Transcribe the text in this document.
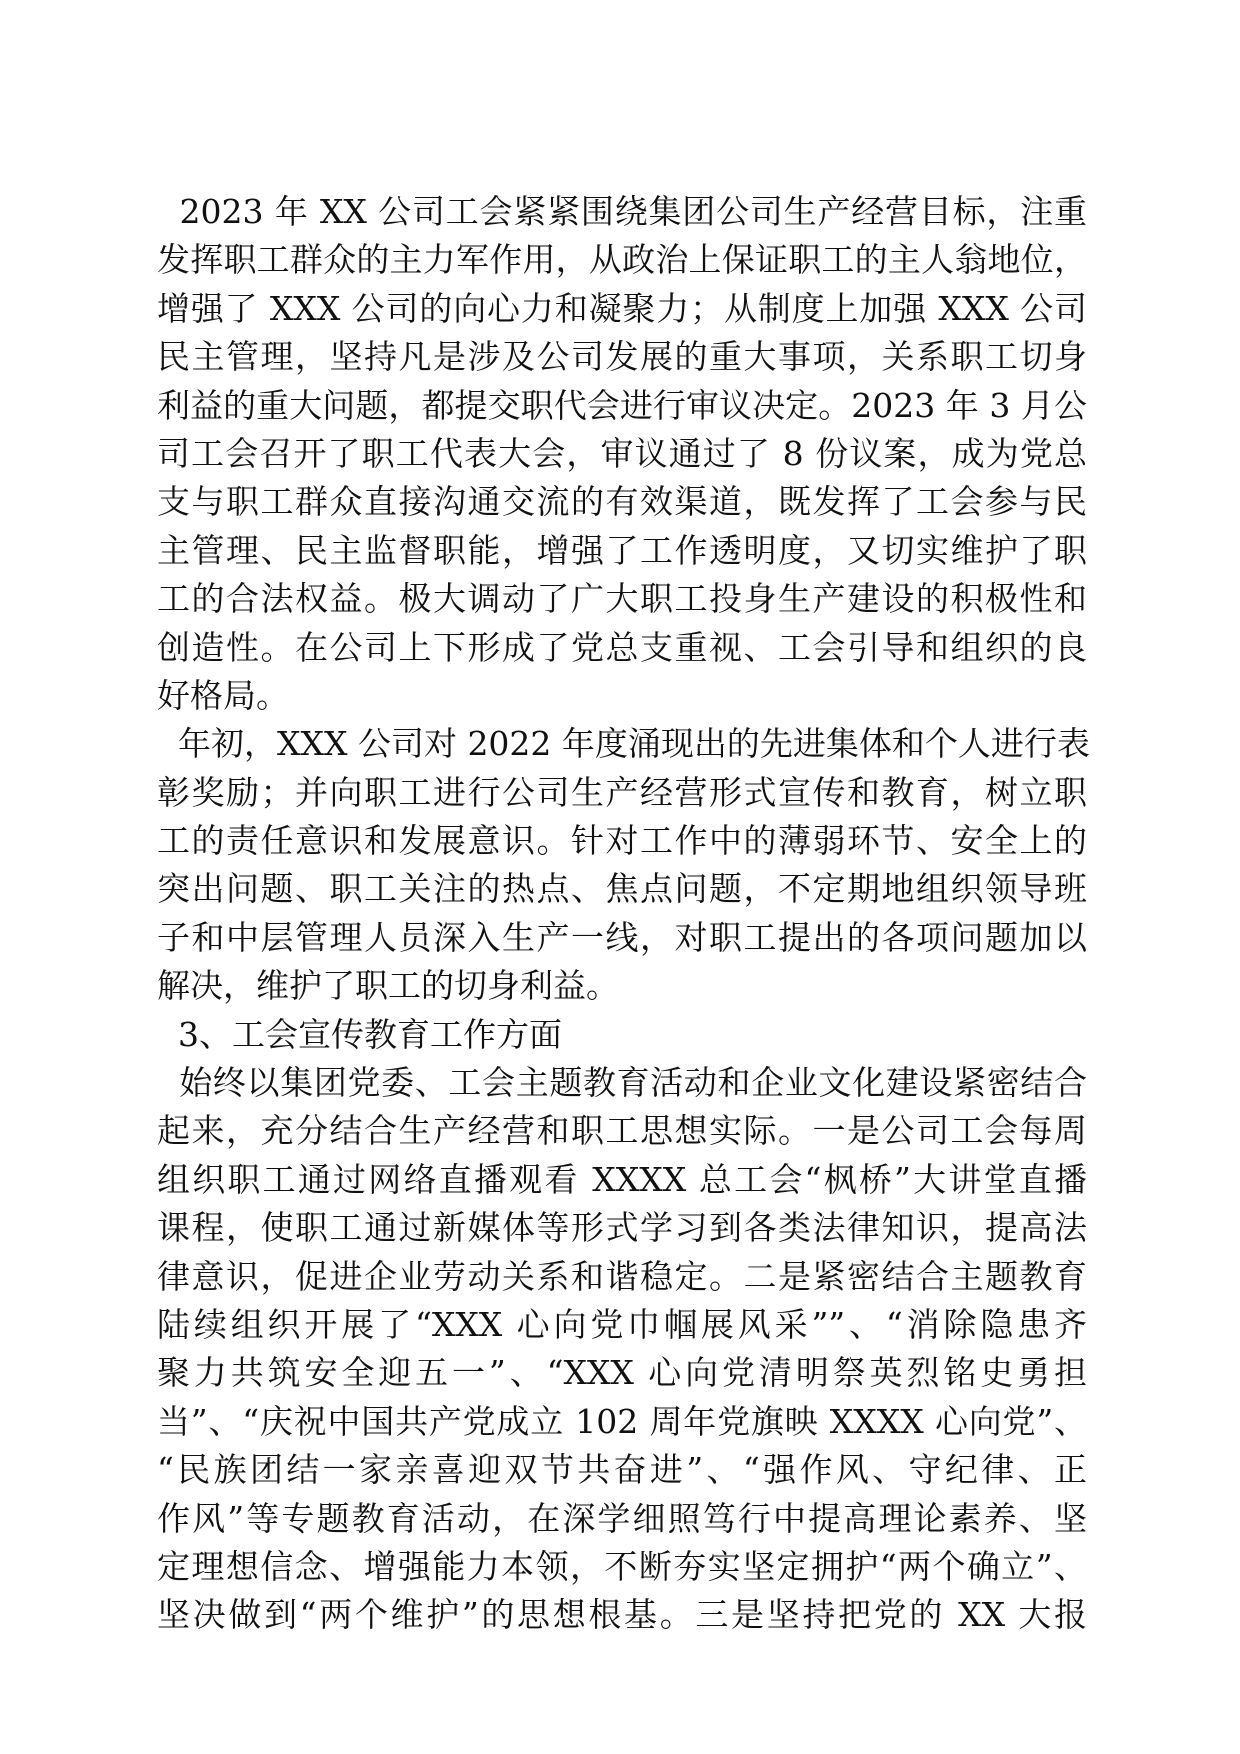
2023 年 XX 公司工会紧紧围绕集团公司生产经营目标，注重
发挥职工群众的主力军作用，从政治上保证职工的主人翁地位，
增强了 XXX 公司的向心力和凝聚力；从制度上加强 XXX 公司
民主管理，坚持凡是涉及公司发展的重大事项，关系职工切身
利益的重大问题，都提交职代会进行审议决定。2023 年 3 月公
司工会召开了职工代表大会，审议通过了 8 份议案，成为党总
支与职工群众直接沟通交流的有效渠道，既发挥了工会参与民
主管理、民主监督职能，增强了工作透明度，又切实维护了职
工的合法权益。极大调动了广大职工投身生产建设的积极性和
创造性。在公司上下形成了党总支重视、工会引导和组织的良
好格局。
年初，XXX 公司对 2022 年度涌现出的先进集体和个人进行表
彰奖励；并向职工进行公司生产经营形式宣传和教育，树立职
工的责任意识和发展意识。针对工作中的薄弱环节、安全上的
突出问题、职工关注的热点、焦点问题，不定期地组织领导班
子和中层管理人员深入生产一线，对职工提出的各项问题加以
解决，维护了职工的切身利益。
3、工会宣传教育工作方面
始终以集团党委、工会主题教育活动和企业文化建设紧密结合
起来，充分结合生产经营和职工思想实际。一是公司工会每周
组织职工通过网络直播观看 XXXX 总工会“枫桥”大讲堂直播
课程，使职工通过新媒体等形式学习到各类法律知识，提高法
律意识，促进企业劳动关系和谐稳定。二是紧密结合主题教育
陆续组织开展了“XXX 心向党巾帼展风采””、“消除隐患齐
聚力共筑安全迎五一”、“XXX 心向党清明祭英烈铭史勇担
当”、“庆祝中国共产党成立 102 周年党旗映 XXXX 心向党”、
“民族团结一家亲喜迎双节共奋进”、“强作风、守纪律、正
作风”等专题教育活动，在深学细照笃行中提高理论素养、坚
定理想信念、增强能力本领，不断夯实坚定拥护“两个确立”、
坚决做到“两个维护”的思想根基。三是坚持把党的 XX 大报
